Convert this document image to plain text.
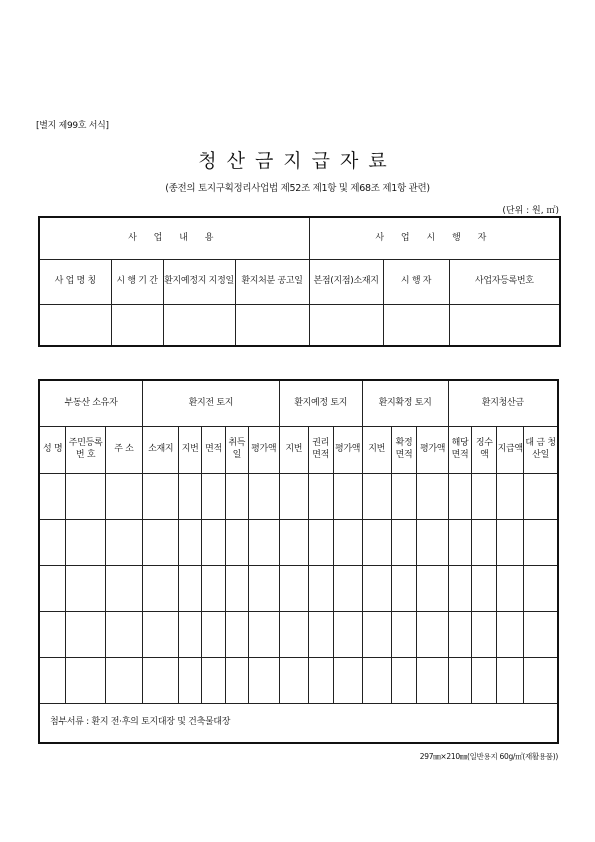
[별지 제99호 서식]
청산금지급자료
(종전의 토지구획정리사업법 제52조 제1항 및 제68조 제1항 관련)
(단위 : 원, ㎡)
사 업 내 용				사 업 시 행 자		
사 업 명 칭	시 행 기 간	환지예정지 지정일	환지처분 공고일	본점(지점)소재지	시 행 자	사업자등록번호

부동산 소유자			환지전 토지					환지예정 토지			환지확정 토지			환지청산금			
성 명	주민등록 번 호	주 소	소재지	지번	면적	취득일	평가액	지번	권리면적	평가액	지번	확정면적	평가액	해당면적	징수액	지급액	대 금 청산일

첨부서류 : 환지 전·후의 토지대장 및 건축물대장																	
297㎜×210㎜(일반용지 60g/㎡(재활용품))
